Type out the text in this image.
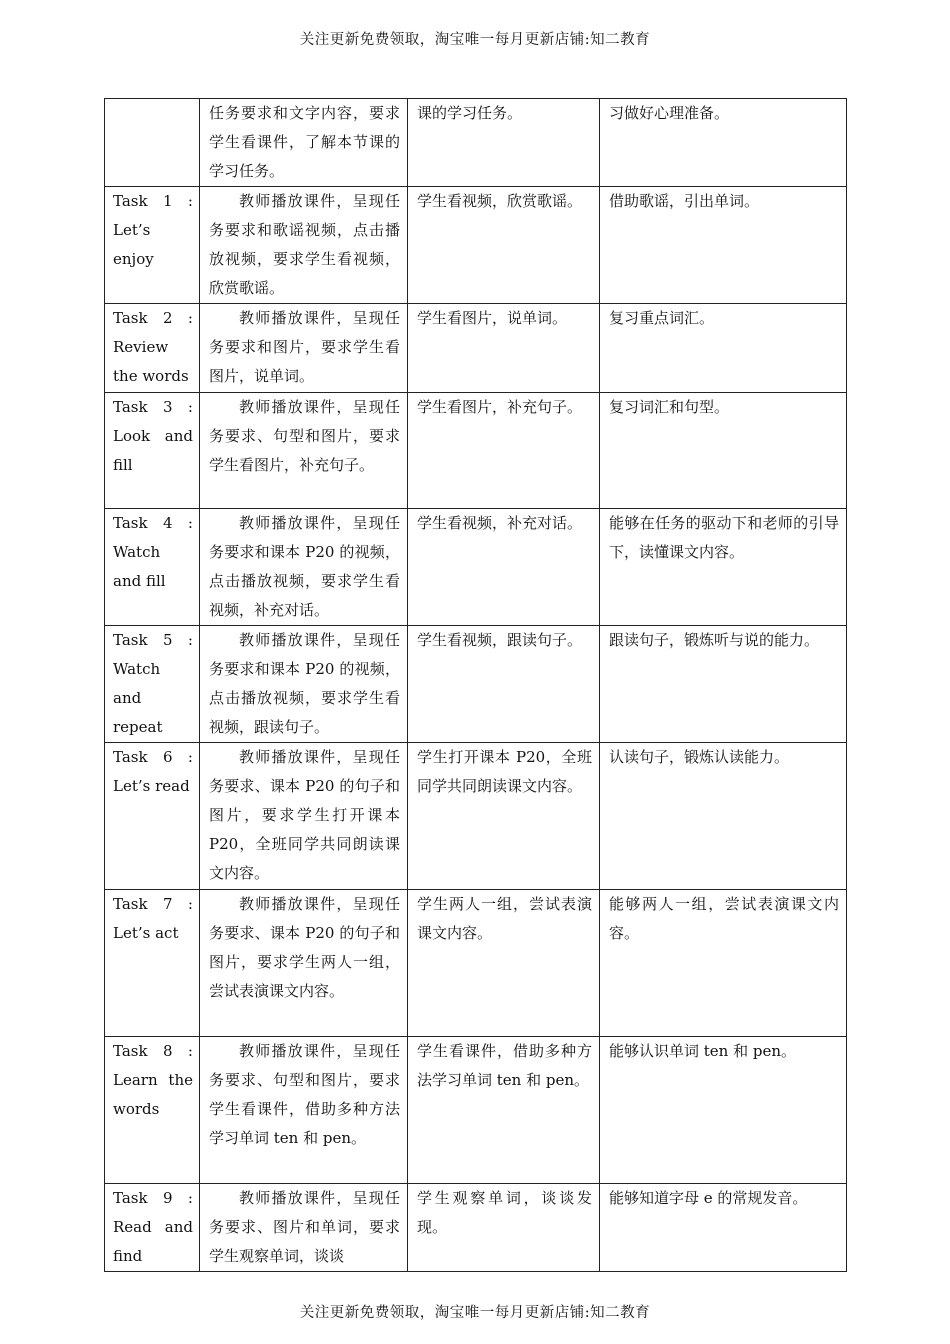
关注更新免费领取，淘宝唯一每月更新店铺:知二教育
	任务要求和文字内容，要求学生看课件，了解本节课的学习任务。	课的学习任务。	习做好心理准备。
Task 1 : Let’s enjoy	教师播放课件，呈现任务要求和歌谣视频，点击播放视频，要求学生看视频，欣赏歌谣。	学生看视频，欣赏歌谣。	借助歌谣，引出单词。
Task 2 : Review the words	教师播放课件，呈现任务要求和图片，要求学生看图片，说单词。	学生看图片，说单词。	复习重点词汇。
Task 3 : Look and fill	教师播放课件，呈现任务要求、句型和图片，要求学生看图片，补充句子。	学生看图片，补充句子。	复习词汇和句型。
Task 4 : Watch and fill	教师播放课件，呈现任务要求和课本 P20 的视频，点击播放视频，要求学生看视频，补充对话。	学生看视频，补充对话。	能够在任务的驱动下和老师的引导下，读懂课文内容。
Task 5 : Watch and repeat	教师播放课件，呈现任务要求和课本 P20 的视频，点击播放视频，要求学生看视频，跟读句子。	学生看视频，跟读句子。	跟读句子，锻炼听与说的能力。
Task 6 : Let’s read	教师播放课件，呈现任务要求、课本 P20 的句子和图片，要求学生打开课本 P20，全班同学共同朗读课文内容。	学生打开课本 P20，全班同学共同朗读课文内容。	认读句子，锻炼认读能力。
Task 7 : Let’s act	教师播放课件，呈现任务要求、课本 P20 的句子和图片，要求学生两人一组，尝试表演课文内容。	学生两人一组，尝试表演课文内容。	能够两人一组，尝试表演课文内容。
Task 8 : Learn the words	教师播放课件，呈现任务要求、句型和图片，要求学生看课件，借助多种方法学习单词 ten 和 pen。	学生看课件，借助多种方法学习单词 ten 和 pen。	能够认识单词 ten 和 pen。
Task 9 : Read and find	教师播放课件，呈现任务要求、图片和单词，要求学生观察单词，谈谈	学生观察单词，谈谈发现。	能够知道字母 e 的常规发音。
关注更新免费领取，淘宝唯一每月更新店铺:知二教育
